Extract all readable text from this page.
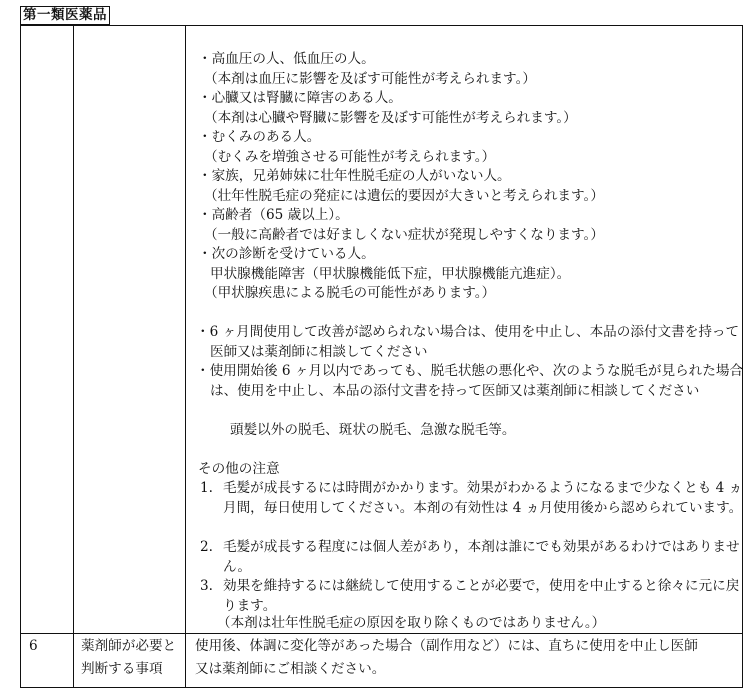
第一類医薬品
・高血圧の人、低血圧の人。
（本剤は血圧に影響を及ぼす可能性が考えられます。）
・心臓又は腎臓に障害のある人。
（本剤は心臓や腎臓に影響を及ぼす可能性が考えられます。）
・むくみのある人。
（むくみを増強させる可能性が考えられます。）
・家族，兄弟姉妹に壮年性脱毛症の人がいない人。
（壮年性脱毛症の発症には遺伝的要因が大きいと考えられます。）
・高齢者（65 歳以上）。
（一般に高齢者では好ましくない症状が発現しやすくなります。）
・次の診断を受けている人。
甲状腺機能障害（甲状腺機能低下症，甲状腺機能亢進症）。
（甲状腺疾患による脱毛の可能性があります。）
・6 ヶ月間使用して改善が認められない場合は、使用を中止し、本品の添付文書を持って医師又は薬剤師に相談してください
・使用開始後 6 ヶ月以内であっても、脱毛状態の悪化や、次のような脱毛が見られた場合は、使用を中止し、本品の添付文書を持って医師又は薬剤師に相談してください
頭髪以外の脱毛、斑状の脱毛、急激な脱毛等。
その他の注意
1. 毛髪が成長するには時間がかかります。効果がわかるようになるまで少なくとも 4 ヵ月間，毎日使用してください。本剤の有効性は 4 ヵ月使用後から認められています。
2. 毛髪が成長する程度には個人差があり，本剤は誰にでも効果があるわけではありません。
3. 効果を維持するには継続して使用することが必要で，使用を中止すると徐々に元に戻ります。
（本剤は壮年性脱毛症の原因を取り除くものではありません。）
6	薬剤師が必要と
判断する事項
使用後、体調に変化等があった場合（副作用など）には、直ちに使用を中止し医師
又は薬剤師にご相談ください。
